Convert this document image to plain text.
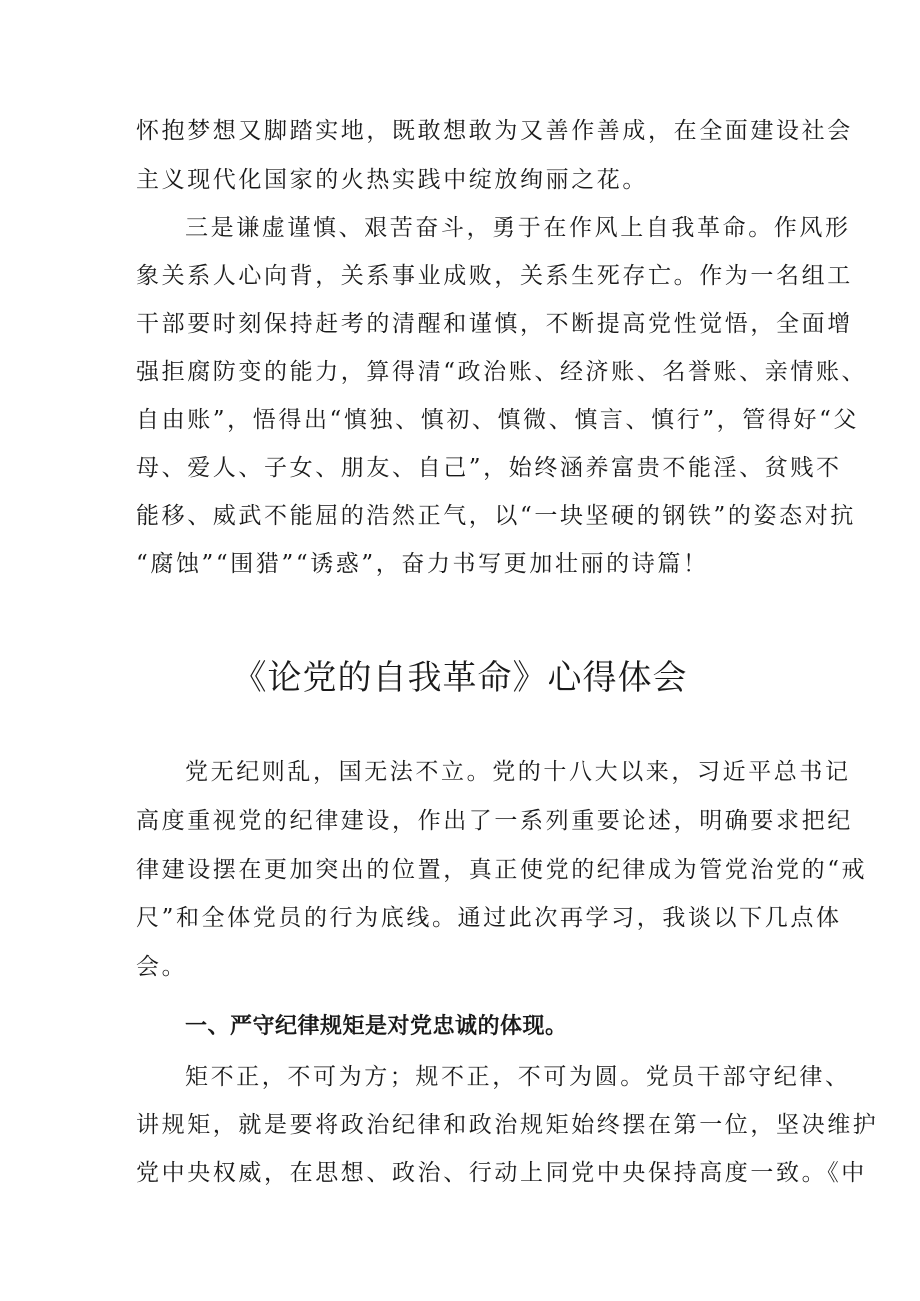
怀抱梦想又脚踏实地，既敢想敢为又善作善成，在全面建设社会
主义现代化国家的火热实践中绽放绚丽之花。
三是谦虚谨慎、艰苦奋斗，勇于在作风上自我革命。作风形
象关系人心向背，关系事业成败，关系生死存亡。作为一名组工
干部要时刻保持赶考的清醒和谨慎，不断提高党性觉悟，全面增
强拒腐防变的能力，算得清“政治账、经济账、名誉账、亲情账、
自由账”，悟得出“慎独、慎初、慎微、慎言、慎行”，管得好“父
母、爱人、子女、朋友、自己”，始终涵养富贵不能淫、贫贱不
能移、威武不能屈的浩然正气，以“一块坚硬的钢铁”的姿态对抗
“腐蚀”“围猎”“诱惑”，奋力书写更加壮丽的诗篇！
《论党的自我革命》心得体会
党无纪则乱，国无法不立。党的十八大以来，习近平总书记
高度重视党的纪律建设，作出了一系列重要论述，明确要求把纪
律建设摆在更加突出的位置，真正使党的纪律成为管党治党的“戒
尺”和全体党员的行为底线。通过此次再学习，我谈以下几点体
会。
一、严守纪律规矩是对党忠诚的体现。
矩不正，不可为方；规不正，不可为圆。党员干部守纪律、
讲规矩，就是要将政治纪律和政治规矩始终摆在第一位，坚决维护
党中央权威，在思想、政治、行动上同党中央保持高度一致。《中
